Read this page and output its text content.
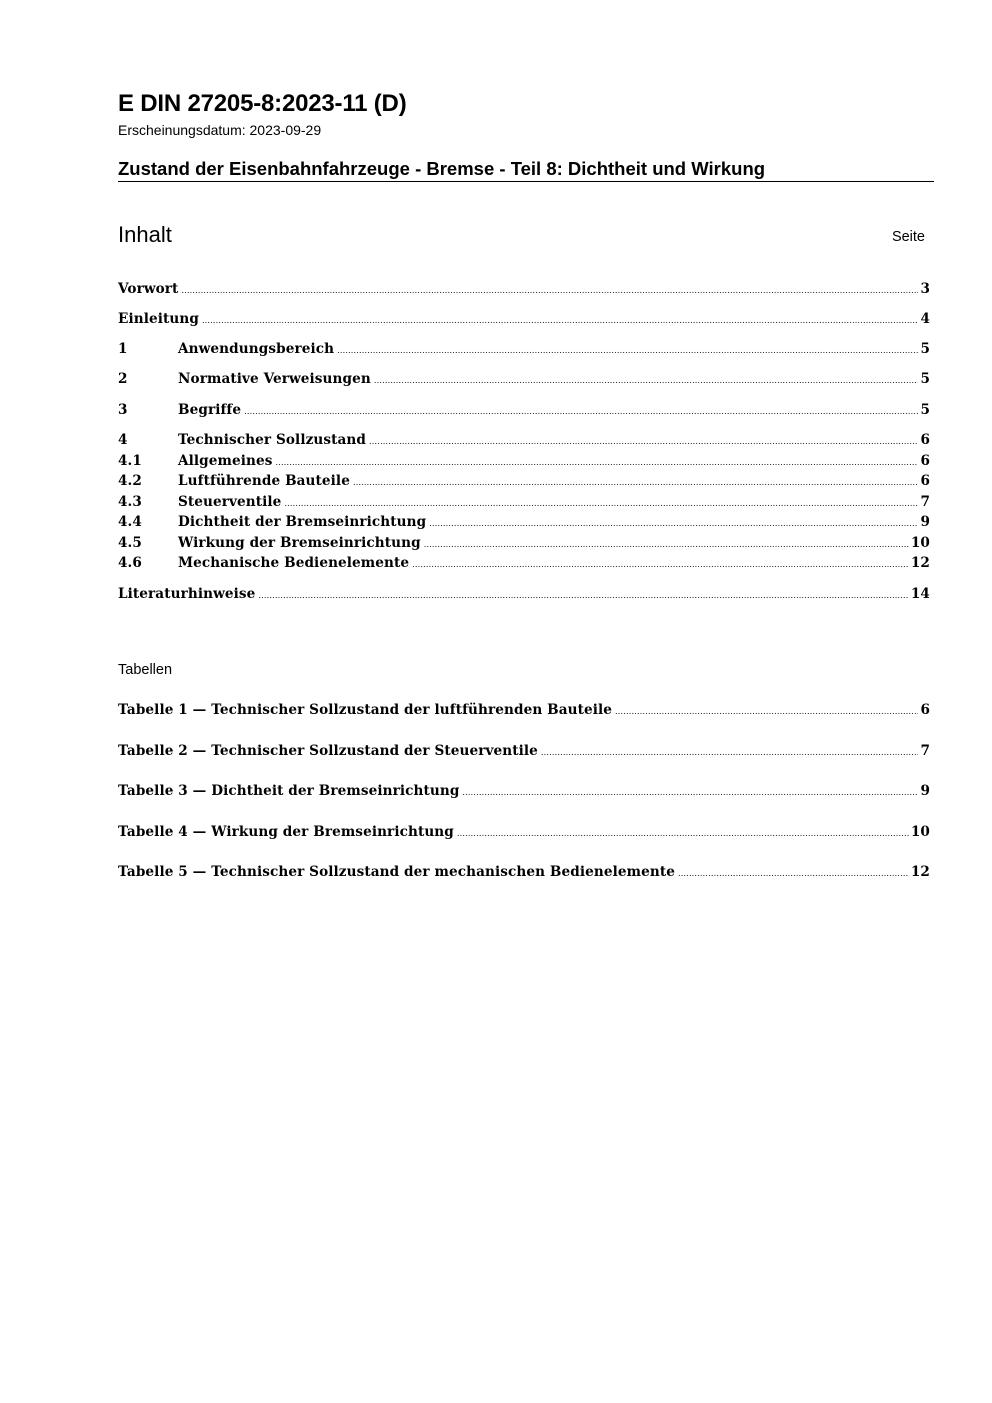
E DIN 27205-8:2023-11 (D)
Erscheinungsdatum: 2023-09-29
Zustand der Eisenbahnfahrzeuge - Bremse - Teil 8: Dichtheit und Wirkung
Inhalt	Seite
Vorwort .....	3
Einleitung .....	4
1	Anwendungsbereich .....	5
2	Normative Verweisungen .....	5
3	Begriffe .....	5
4	Technischer Sollzustand .....	6
4.1	Allgemeines .....	6
4.2	Luftführende Bauteile .....	6
4.3	Steuerventile .....	7
4.4	Dichtheit der Bremseinrichtung .....	9
4.5	Wirkung der Bremseinrichtung .....	10
4.6	Mechanische Bedienelemente .....	12
Literaturhinweise .....	14
Tabellen
Tabelle 1 — Technischer Sollzustand der luftführenden Bauteile .....	6
Tabelle 2 — Technischer Sollzustand der Steuerventile .....	7
Tabelle 3 — Dichtheit der Bremseinrichtung .....	9
Tabelle 4 — Wirkung der Bremseinrichtung .....	10
Tabelle 5 — Technischer Sollzustand der mechanischen Bedienelemente .....	12
